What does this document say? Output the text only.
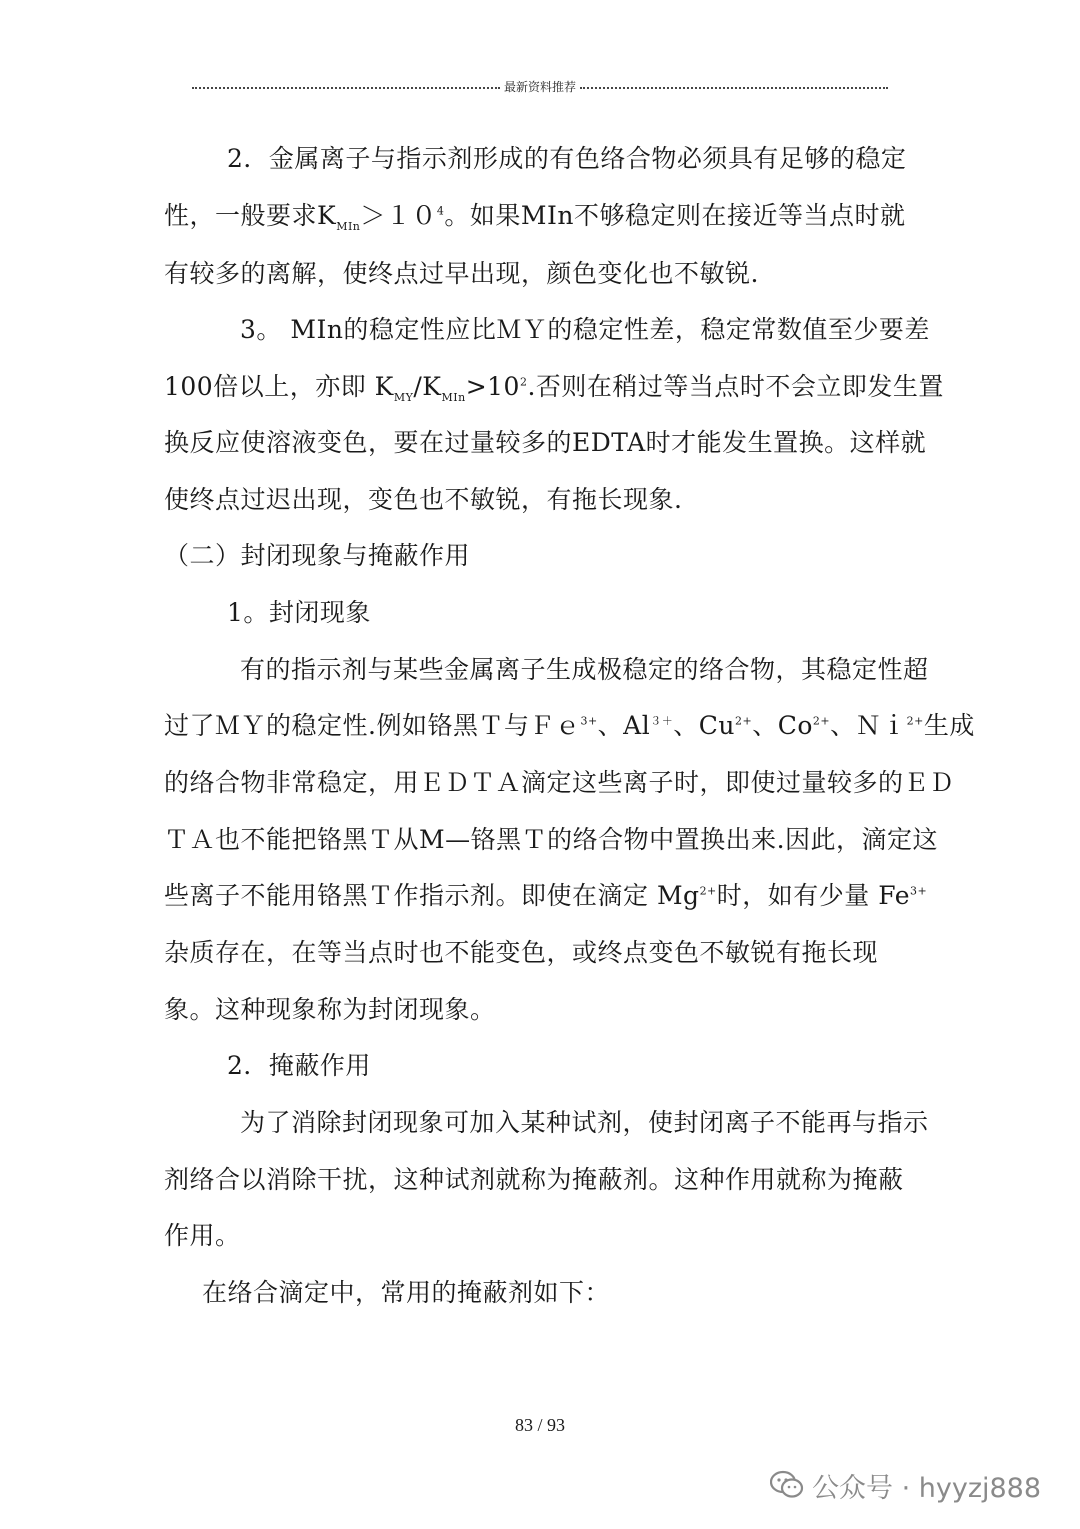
最新资料推荐
2．金属离子与指示剂形成的有色络合物必须具有足够的稳定
性，一般要求$K_{MIn}>10^4$。如果MIn不够稳定则在接近等当点时就
有较多的离解，使终点过早出现，颜色变化也不敏锐.
3。 MIn的稳定性应比ＭＹ的稳定性差，稳定常数值至少要差
100倍以上，亦即 $K_{MY}/K_{MIn}>10^2$.否则在稍过等当点时不会立即发生置
换反应使溶液变色，要在过量较多的EDTA时才能发生置换。这样就
使终点过迟出现，变色也不敏锐，有拖长现象.
（二）封闭现象与掩蔽作用
1。封闭现象
有的指示剂与某些金属离子生成极稳定的络合物，其稳定性超
过了ＭＹ的稳定性.例如铬黑Ｔ与Ｆｅ$^{3+}$、$Al^{3+}$、$Cu^{2+}$、$Co^{2+}$、Ｎｉ$^{2+}$生成
的络合物非常稳定，用ＥＤＴＡ滴定这些离子时，即使过量较多的ＥＤ
ＴＡ也不能把铬黑Ｔ从M—铬黑Ｔ的络合物中置换出来.因此，滴定这
些离子不能用铬黑Ｔ作指示剂。即使在滴定 $Mg^{2+}$时，如有少量 $Fe^{3+}$
杂质存在，在等当点时也不能变色，或终点变色不敏锐有拖长现
象。这种现象称为封闭现象。
2．掩蔽作用
为了消除封闭现象可加入某种试剂，使封闭离子不能再与指示
剂络合以消除干扰，这种试剂就称为掩蔽剂。这种作用就称为掩蔽
作用。
在络合滴定中，常用的掩蔽剂如下：
83 / 93
公众号 · hyyzj888
